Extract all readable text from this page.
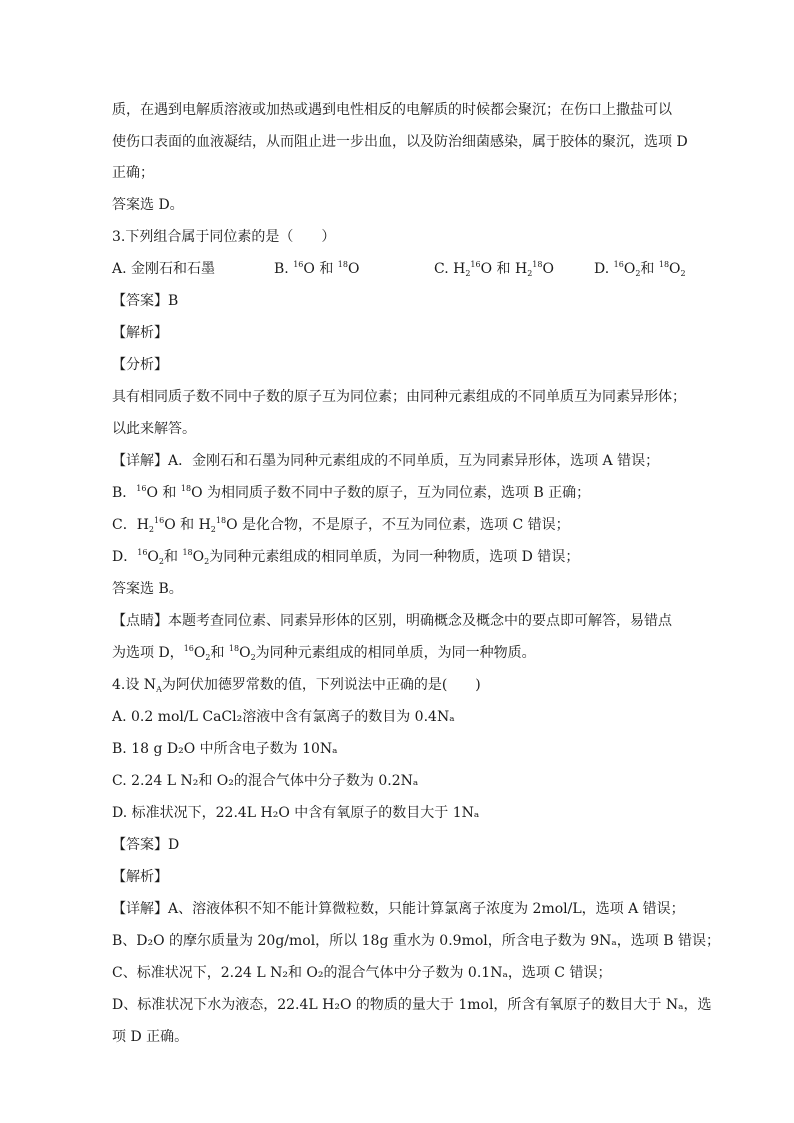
质，在遇到电解质溶液或加热或遇到电性相反的电解质的时候都会聚沉；在伤口上撒盐可以
使伤口表面的血液凝结，从而阻止进一步出血，以及防治细菌感染，属于胶体的聚沉，选项 D
正确；
答案选 D。
3.下列组合属于同位素的是（　　）
A. 金刚石和石墨	B. $^{16}$O 和 $^{18}$O	C. $H_2^{16}O$ 和 $H_2^{18}O$	D. $^{16}O_2$和 $^{18}O_2$
【答案】B
【解析】
【分析】
具有相同质子数不同中子数的原子互为同位素；由同种元素组成的不同单质互为同素异形体；
以此来解答。
【详解】A．金刚石和石墨为同种元素组成的不同单质，互为同素异形体，选项 A 错误；
B．$^{16}$O 和 $^{18}$O 为相同质子数不同中子数的原子，互为同位素，选项 B 正确；
C．$H_2^{16}O$ 和 $H_2^{18}O$ 是化合物，不是原子，不互为同位素，选项 C 错误；
D．$^{16}O_2$和 $^{18}O_2$为同种元素组成的相同单质，为同一种物质，选项 D 错误；
答案选 B。
【点睛】本题考查同位素、同素异形体的区别，明确概念及概念中的要点即可解答，易错点
为选项 D，$^{16}O_2$和 $^{18}O_2$为同种元素组成的相同单质，为同一种物质。
4.设 $N_A$为阿伏加德罗常数的值，下列说法中正确的是(　　)
A. 0.2 mol/L CaCl₂溶液中含有氯离子的数目为 0.4Nₐ
B. 18 g D₂O 中所含电子数为 10Nₐ
C. 2.24 L N₂和 O₂的混合气体中分子数为 0.2Nₐ
D. 标准状况下，22.4L H₂O 中含有氧原子的数目大于 1Nₐ
【答案】D
【解析】
【详解】A、溶液体积不知不能计算微粒数，只能计算氯离子浓度为 2mol/L，选项 A 错误；
B、D₂O 的摩尔质量为 20g/mol，所以 18g 重水为 0.9mol，所含电子数为 9Nₐ，选项 B 错误；
C、标准状况下，2.24 L N₂和 O₂的混合气体中分子数为 0.1Nₐ，选项 C 错误；
D、标准状况下水为液态，22.4L H₂O 的物质的量大于 1mol，所含有氧原子的数目大于 Nₐ，选
项 D 正确。
